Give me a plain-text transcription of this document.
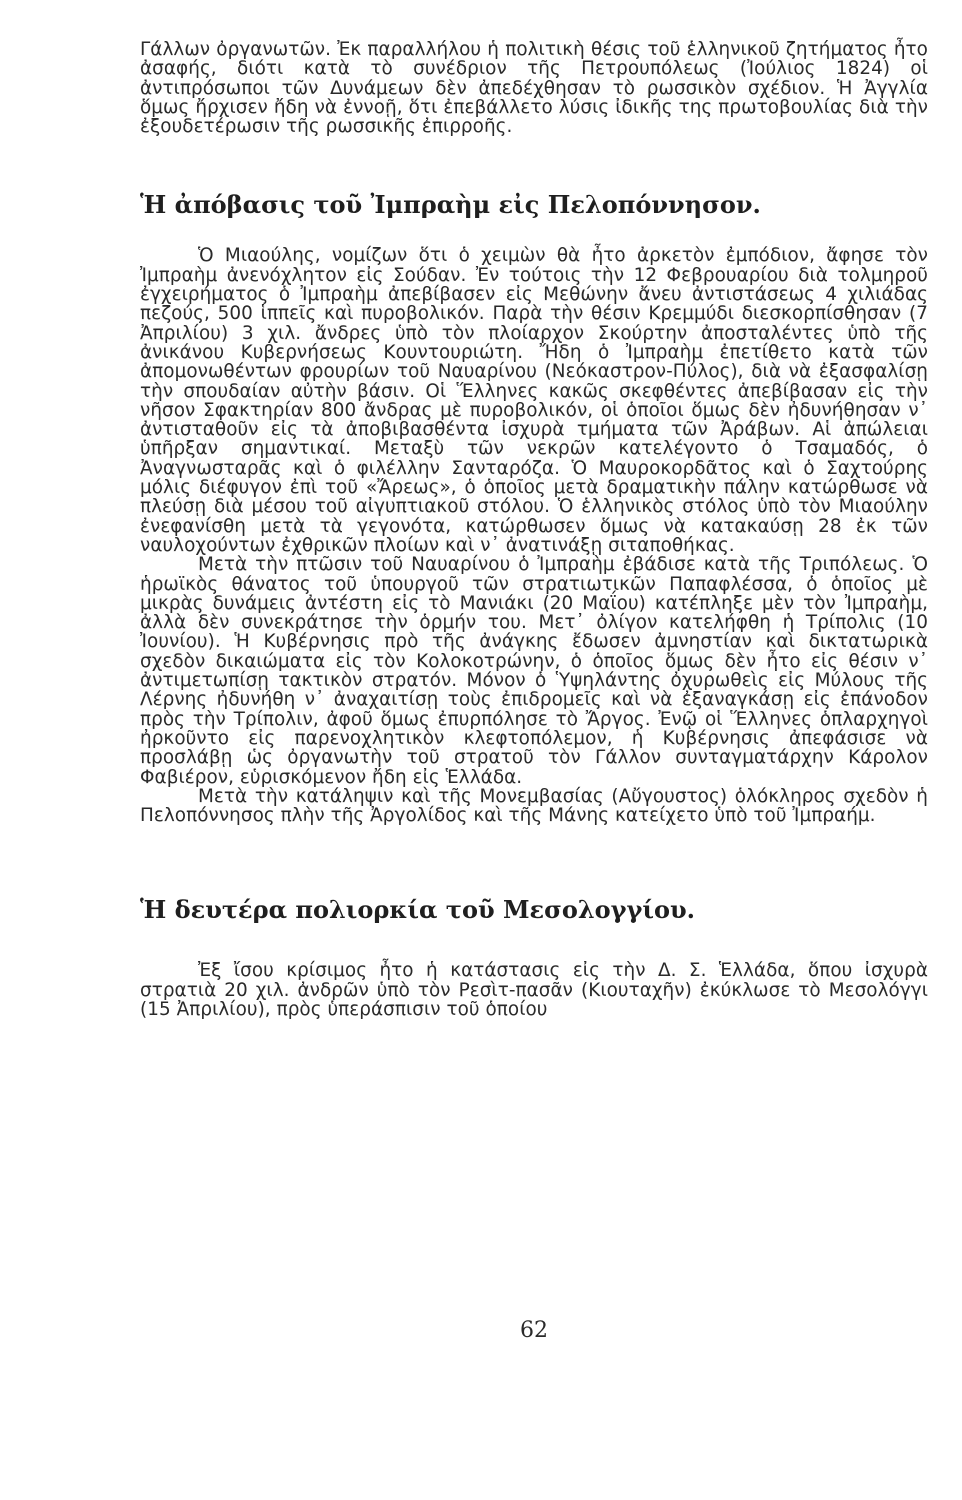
Γάλλων ὀργανωτῶν. Ἐκ παραλλήλου ἡ πολιτικὴ θέσις τοῦ ἑλληνικοῦ ζητήματος ἦτο ἀσαφής, διότι κατὰ τὸ συνέδριον τῆς Πετρουπόλεως (Ἰούλιος 1824) οἱ ἀντιπρόσωποι τῶν Δυνάμεων δὲν ἀπεδέχθησαν τὸ ρωσσικὸν σχέδιον. Ἡ Ἀγγλία ὅμως ἤρχισεν ἤδη νὰ ἐννοῇ, ὅτι ἐπεβάλλετο λύσις ἰδικῆς της πρωτοβουλίας διὰ τὴν ἐξουδετέρωσιν τῆς ρωσσικῆς ἐπιρροῆς.

Ἡ ἀπόβασις τοῦ Ἰμπραὴμ εἰς Πελοπόννησον.

Ὁ Μιαούλης, νομίζων ὅτι ὁ χειμὼν θὰ ἦτο ἀρκετὸν ἐμπόδιον, ἄφησε τὸν Ἰμπραὴμ ἀνενόχλητον εἰς Σούδαν. Ἐν τούτοις τὴν 12 Φεβρουαρίου διὰ τολμηροῦ ἐγχειρήματος ὁ Ἰμπραὴμ ἀπεβίβασεν εἰς Μεθώνην ἄνευ ἀντιστάσεως 4 χιλιάδας πεζούς, 500 ἱππεῖς καὶ πυροβολικόν. Παρὰ τὴν θέσιν Κρεμμύδι διεσκορπίσθησαν (7 Ἀπριλίου) 3 χιλ. ἄνδρες ὑπὸ τὸν πλοίαρχον Σκούρτην ἀποσταλέντες ὑπὸ τῆς ἀνικάνου Κυβερνήσεως Κουντουριώτη. Ἤδη ὁ Ἰμπραὴμ ἐπετίθετο κατὰ τῶν ἀπομονωθέντων φρουρίων τοῦ Ναυαρίνου (Νεόκαστρον-Πύλος), διὰ νὰ ἐξασφαλίσῃ τὴν σπουδαίαν αὐτὴν βάσιν. Οἱ Ἕλληνες κακῶς σκεφθέντες ἀπεβίβασαν εἰς τὴν νῆσον Σφακτηρίαν 800 ἄνδρας μὲ πυροβολικόν, οἱ ὁποῖοι ὅμως δὲν ἠδυνήθησαν ν᾽ ἀντισταθοῦν εἰς τὰ ἀποβιβασθέντα ἰσχυρὰ τμήματα τῶν Ἀράβων. Αἱ ἀπώλειαι ὑπῆρξαν σημαντικαί. Μεταξὺ τῶν νεκρῶν κατελέγοντο ὁ Τσαμαδός, ὁ Ἀναγνωσταρᾶς καὶ ὁ φιλέλλην Σανταρόζα. Ὁ Μαυροκορδᾶτος καὶ ὁ Σαχτούρης μόλις διέφυγον ἐπὶ τοῦ «Ἄρεως», ὁ ὁποῖος μετὰ δραματικὴν πάλην κατώρθωσε νὰ πλεύσῃ διὰ μέσου τοῦ αἰγυπτιακοῦ στόλου. Ὁ ἑλληνικὸς στόλος ὑπὸ τὸν Μιαούλην ἐνεφανίσθη μετὰ τὰ γεγονότα, κατώρθωσεν ὅμως νὰ κατακαύσῃ 28 ἐκ τῶν ναυλοχούντων ἐχθρικῶν πλοίων καὶ ν᾽ ἀνατινάξῃ σιταποθήκας.

Μετὰ τὴν πτῶσιν τοῦ Ναυαρίνου ὁ Ἰμπραὴμ ἐβάδισε κατὰ τῆς Τριπόλεως. Ὁ ἡρωϊκὸς θάνατος τοῦ ὑπουργοῦ τῶν στρατιωτικῶν Παπαφλέσσα, ὁ ὁποῖος μὲ μικρὰς δυνάμεις ἀντέστη εἰς τὸ Μανιάκι (20 Μαΐου) κατέπληξε μὲν τὸν Ἰμπραὴμ, ἀλλὰ δὲν συνεκράτησε τὴν ὁρμήν του. Μετ᾽ ὀλίγον κατελήφθη ἡ Τρίπολις (10 Ἰουνίου). Ἡ Κυβέρνησις πρὸ τῆς ἀνάγκης ἔδωσεν ἀμνηστίαν καὶ δικτατωρικὰ σχεδὸν δικαιώματα εἰς τὸν Κολοκοτρώνην, ὁ ὁποῖος ὅμως δὲν ἦτο εἰς θέσιν ν᾽ ἀντιμετωπίσῃ τακτικὸν στρατόν. Μόνον ὁ Ὑψηλάντης ὀχυρωθεὶς εἰς Μύλους τῆς Λέρνης ἠδυνήθη ν᾽ ἀναχαιτίσῃ τοὺς ἐπιδρομεῖς καὶ νὰ ἐξαναγκάσῃ εἰς ἐπάνοδον πρὸς τὴν Τρίπολιν, ἀφοῦ ὅμως ἐπυρπόλησε τὸ Ἄργος. Ἐνῷ οἱ Ἕλληνες ὁπλαρχηγοὶ ἠρκοῦντο εἰς παρενοχλητικὸν κλεφτοπόλεμον, ἡ Κυβέρνησις ἀπεφάσισε νὰ προσλάβῃ ὡς ὀργανωτὴν τοῦ στρατοῦ τὸν Γάλλον συνταγματάρχην Κάρολον Φαβιέρον, εὑρισκόμενον ἤδη εἰς Ἑλλάδα.

Μετὰ τὴν κατάληψιν καὶ τῆς Μονεμβασίας (Αὔγουστος) ὁλόκληρος σχεδὸν ἡ Πελοπόννησος πλὴν τῆς Ἀργολίδος καὶ τῆς Μάνης κατείχετο ὑπὸ τοῦ Ἰμπραήμ.

Ἡ δευτέρα πολιορκία τοῦ Μεσολογγίου.

Ἐξ ἴσου κρίσιμος ἦτο ἡ κατάστασις εἰς τὴν Δ. Σ. Ἑλλάδα, ὅπου ἰσχυρὰ στρατιὰ 20 χιλ. ἀνδρῶν ὑπὸ τὸν Ρεσὶτ-πασᾶν (Κιουταχῆν) ἐκύκλωσε τὸ Μεσολόγγι (15 Ἀπριλίου), πρὸς ὑπεράσπισιν τοῦ ὁποίου

62
